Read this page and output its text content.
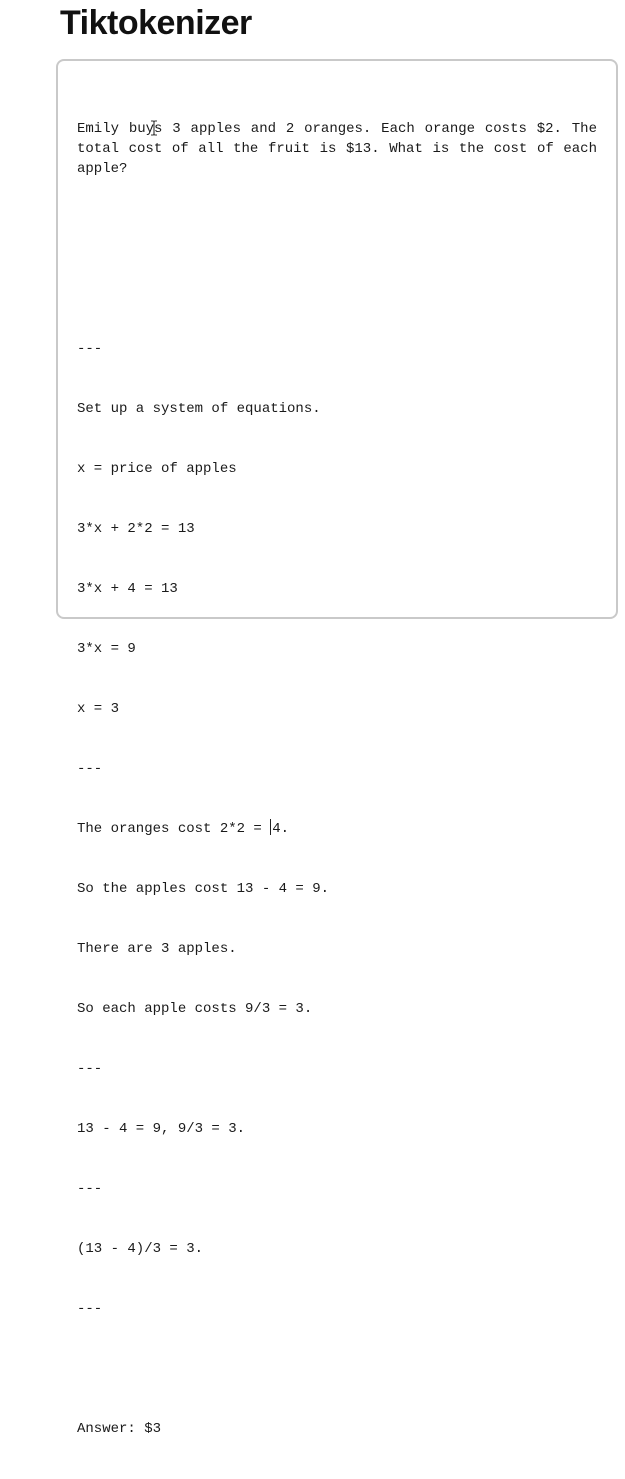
Tiktokenizer

Emily buys 3 apples and 2 oranges. Each orange costs $2. The total cost of all the fruit is $13. What is the cost of each apple?

---

Set up a system of equations.

x = price of apples

3*x + 2*2 = 13

3*x + 4 = 13

3*x = 9

x = 3

---

The oranges cost 2*2 = 4.

So the apples cost 13 - 4 = 9.

There are 3 apples.

So each apple costs 9/3 = 3.

---

13 - 4 = 9, 9/3 = 3.

---

(13 - 4)/3 = 3.

---

Answer: $3
